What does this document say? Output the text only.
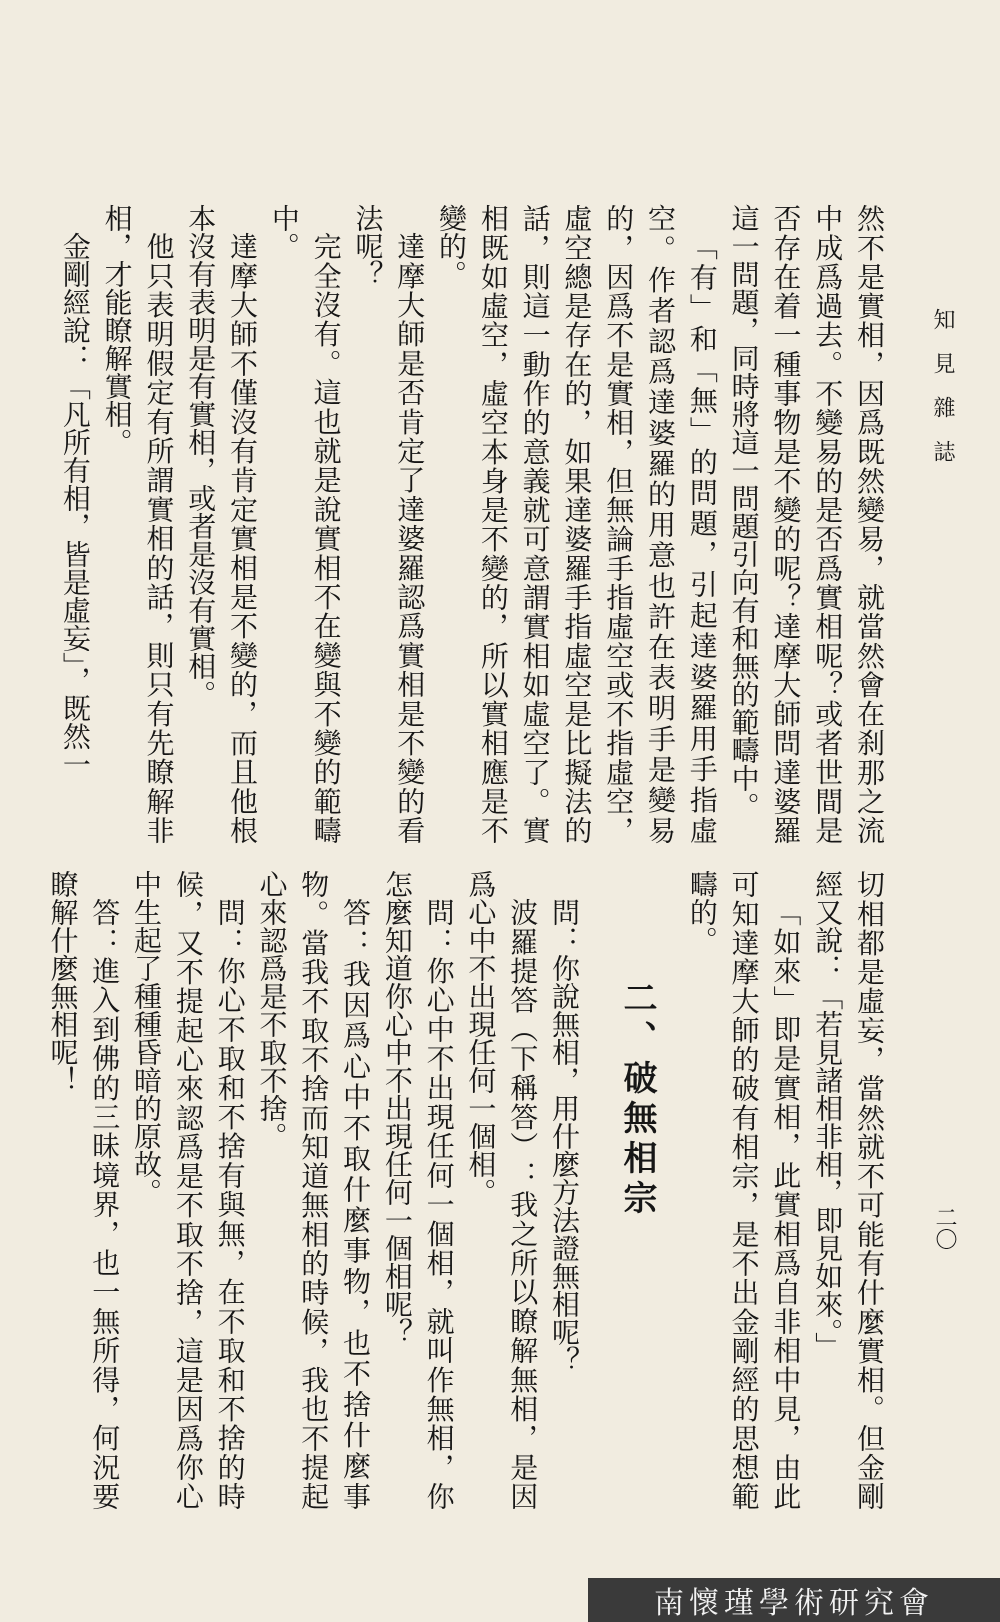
知見雜誌
二〇

然不是實相，因爲既然變易，就當然會在刹那之流中成爲過去。不變易的是否爲實相呢？或者世間是否存在着一種事物是不變的呢？達摩大師問達婆羅這一問題，同時將這一問題引向有和無的範疇中。

「有」和「無」的問題，引起達婆羅用手指虛空。作者認爲達婆羅的用意也許在表明手是變易的，因爲不是實相，但無論手指虛空或不指虛空，虛空總是存在的，如果達婆羅手指虛空是比擬法的話，則這一動作的意義就可意謂實相如虛空了。實相既如虛空，虛空本身是不變的，所以實相應是不變的。

達摩大師是否肯定了達婆羅認爲實相是不變的看法呢？

完全沒有。這也就是說實相不在變與不變的範疇中。

達摩大師不僅沒有肯定實相是不變的，而且他根本沒有表明是有實相，或者是沒有實相。

他只表明假定有所謂實相的話，則只有先瞭解非相，才能瞭解實相。

金剛經說：「凡所有相，皆是虛妄」，既然一

切相都是虛妄，當然就不可能有什麼實相。但金剛經又說：「若見諸相非相，即見如來。」

「如來」即是實相，此實相爲自非相中見，由此可知達摩大師的破有相宗，是不出金剛經的思想範疇的。

二、破無相宗

問：你說無相，用什麼方法證無相呢？

波羅提答（下稱答）：我之所以瞭解無相，是因爲心中不出現任何一個相。

問：你心中不出現任何一個相，就叫作無相，你怎麼知道你心中不出現任何一個相呢？

答：我因爲心中不取什麼事物，也不捨什麼事物。當我不取不捨而知道無相的時候，我也不提起心來認爲是不取不捨。

問：你心不取和不捨有與無，在不取和不捨的時候，又不提起心來認爲是不取不捨，這是因爲你心中生起了種種昏暗的原故。

答：進入到佛的三昧境界，也一無所得，何況要瞭解什麼無相呢！

南懷瑾學術研究會
